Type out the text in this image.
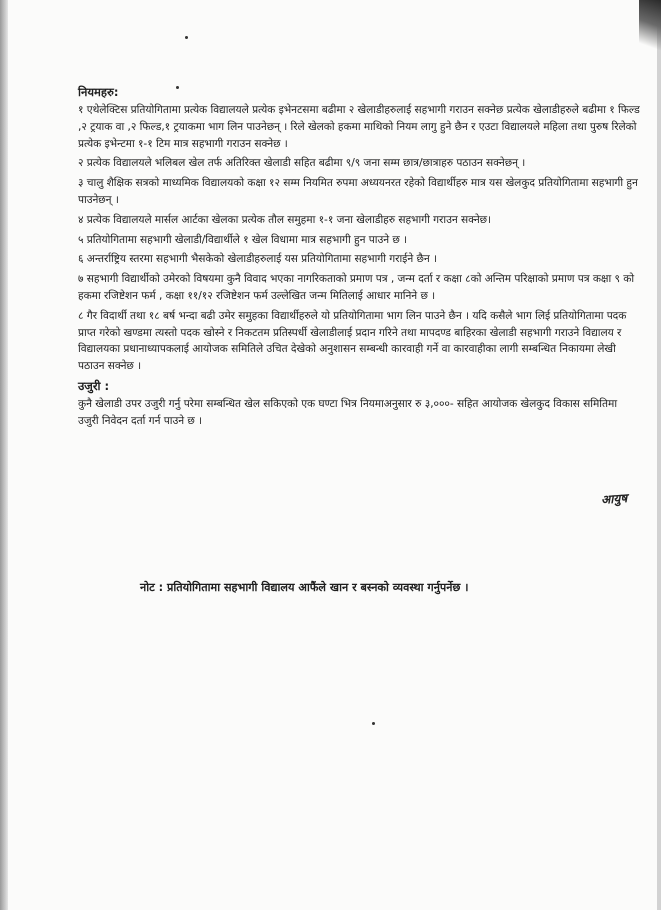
नियमहरु:
१ एथेलेक्टिस प्रतियोगितामा प्रत्येक विद्यालयले प्रत्येक इभेनटसमा बढीमा २ खेलाडीहरुलाई सहभागी गराउन सक्नेछ प्रत्येक खेलाडीहरुले बढीमा १ फिल्ड ,२ ट्रयाक वा ,२ फिल्ड,१ ट्रयाकमा भाग लिन पाउनेछन् । रिले खेलको हकमा माथिको नियम लागु हुने छैन र एउटा विद्यालयले महिला तथा पुरुष रिलेको प्रत्येक इभेन्टमा १-१ टिम मात्र सहभागी गराउन सक्नेछ ।
२ प्रत्येक विद्यालयले भलिबल खेल तर्फ अतिरिक्त खेलाडी सहित बढीमा ९/९ जना सम्म छात्र/छात्राहरु पठाउन सक्नेछन् ।
३ चालु शैक्षिक सत्रको माध्यमिक विद्यालयको कक्षा १२ सम्म नियमित रुपमा अध्ययनरत रहेको विद्यार्थीहरु मात्र यस खेलकुद प्रतियोगितामा सहभागी हुन पाउनेछन् ।
४ प्रत्येक विद्यालयले मार्सल आर्टका खेलका प्रत्येक तौल समुहमा १-१ जना खेलाडीहरु सहभागी गराउन सक्नेछ।
५ प्रतियोगितामा सहभागी खेलाडी/विद्यार्थीले १ खेल विधामा मात्र सहभागी हुन पाउने छ ।
६ अन्तर्राष्ट्रिय स्तरमा सहभागी भैसकेको खेलाडीहरुलाई यस प्रतियोगितामा सहभागी गराईने छैन ।
७ सहभागी विद्यार्थीको उमेरको विषयमा कुनै विवाद भएका नागरिकताको प्रमाण पत्र , जन्म दर्ता र कक्षा ८को अन्तिम परिक्षाको प्रमाण पत्र कक्षा ९ को हकमा रजिष्टेशन फर्म , कक्षा ११/१२ रजिष्टेशन फर्म उल्लेखित जन्म मितिलाई आधार मानिने छ ।
८ गैर विदार्थी तथा १८ बर्ष भन्दा बढी उमेर समुहका विद्यार्थीहरुले यो प्रतियोगितामा भाग लिन पाउने छैन । यदि कसैले भाग लिई प्रतियोगितामा पदक प्राप्त गरेको खण्डमा त्यस्तो पदक खोस्ने र निकटतम प्रतिस्पर्धी खेलाडीलाई प्रदान गरिने तथा मापदण्ड बाहिरका खेलाडी सहभागी गराउने विद्यालय र विद्यालयका प्रधानाध्यापकलाई आयोजक समितिले उचित देखेको अनुशासन सम्बन्धी कारवाही गर्ने वा कारवाहीका लागी सम्बन्धित निकायमा लेखी पठाउन सक्नेछ ।
उजुरी :
कुनै खेलाडी उपर उजुरी गर्नु परेमा सम्बन्धित खेल सकिएको एक घण्टा भित्र नियमाअनुसार रु ३,०००- सहित आयोजक खेलकुद विकास समितिमा उजुरी निवेदन दर्ता गर्न पाउने छ ।
नोट : प्रतियोगितामा सहभागी विद्यालय आफैंले खान र बस्नको व्यवस्था गर्नुपर्नेछ ।
आयुष
